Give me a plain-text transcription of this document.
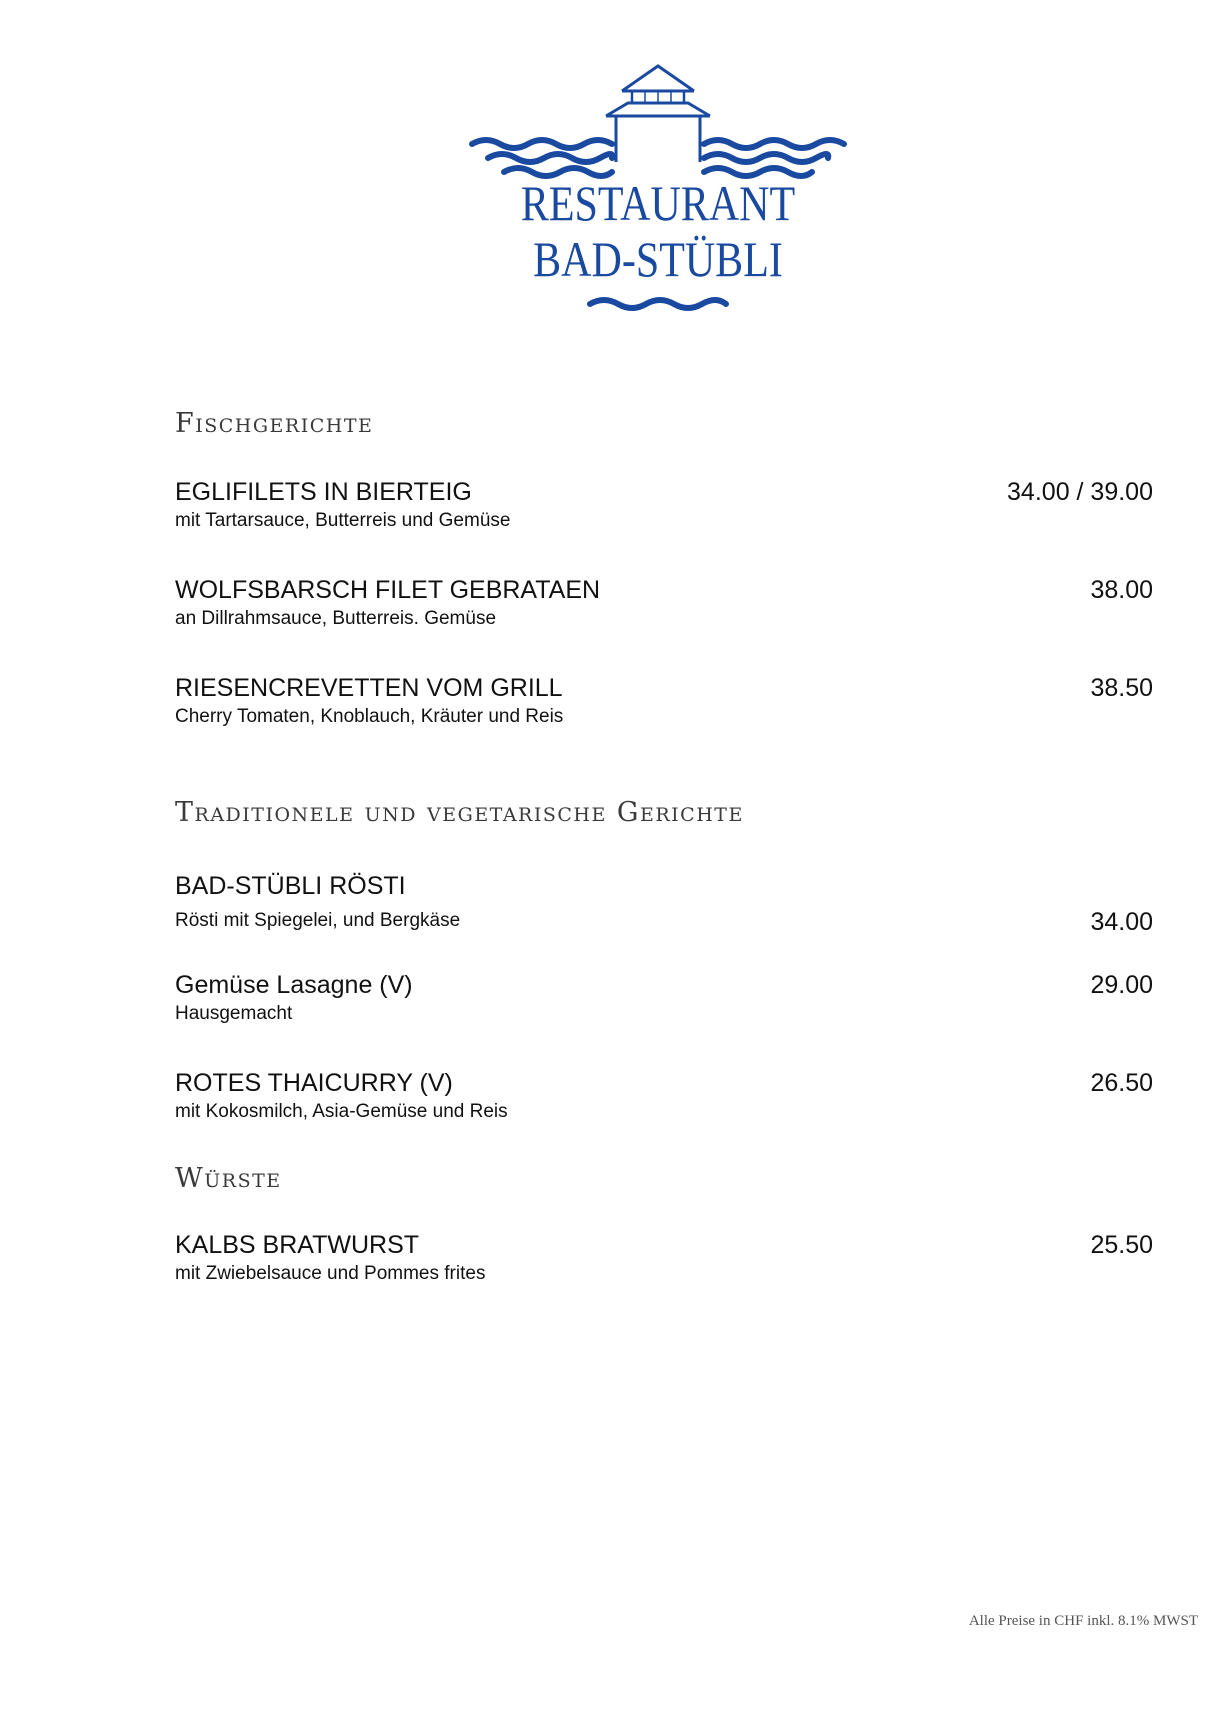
RESTAURANT
BAD-STÜBLI
Fischgerichte
EGLIFILETS IN BIERTEIG
mit Tartarsauce, Butterreis und Gemüse
34.00 / 39.00
WOLFSBARSCH FILET GEBRATAEN
an Dillrahmsauce, Butterreis. Gemüse
38.00
RIESENCREVETTEN VOM GRILL
Cherry Tomaten, Knoblauch, Kräuter und Reis
38.50
Traditionele und vegetarische Gerichte
BAD-STÜBLI RÖSTI
Rösti mit Spiegelei, und Bergkäse	34.00
Gemüse Lasagne (V)
Hausgemacht
29.00
ROTES THAICURRY (V)
mit Kokosmilch, Asia-Gemüse und Reis
26.50
Würste
KALBS BRATWURST
mit Zwiebelsauce und Pommes frites
25.50
Alle Preise in CHF inkl. 8.1% MWST
